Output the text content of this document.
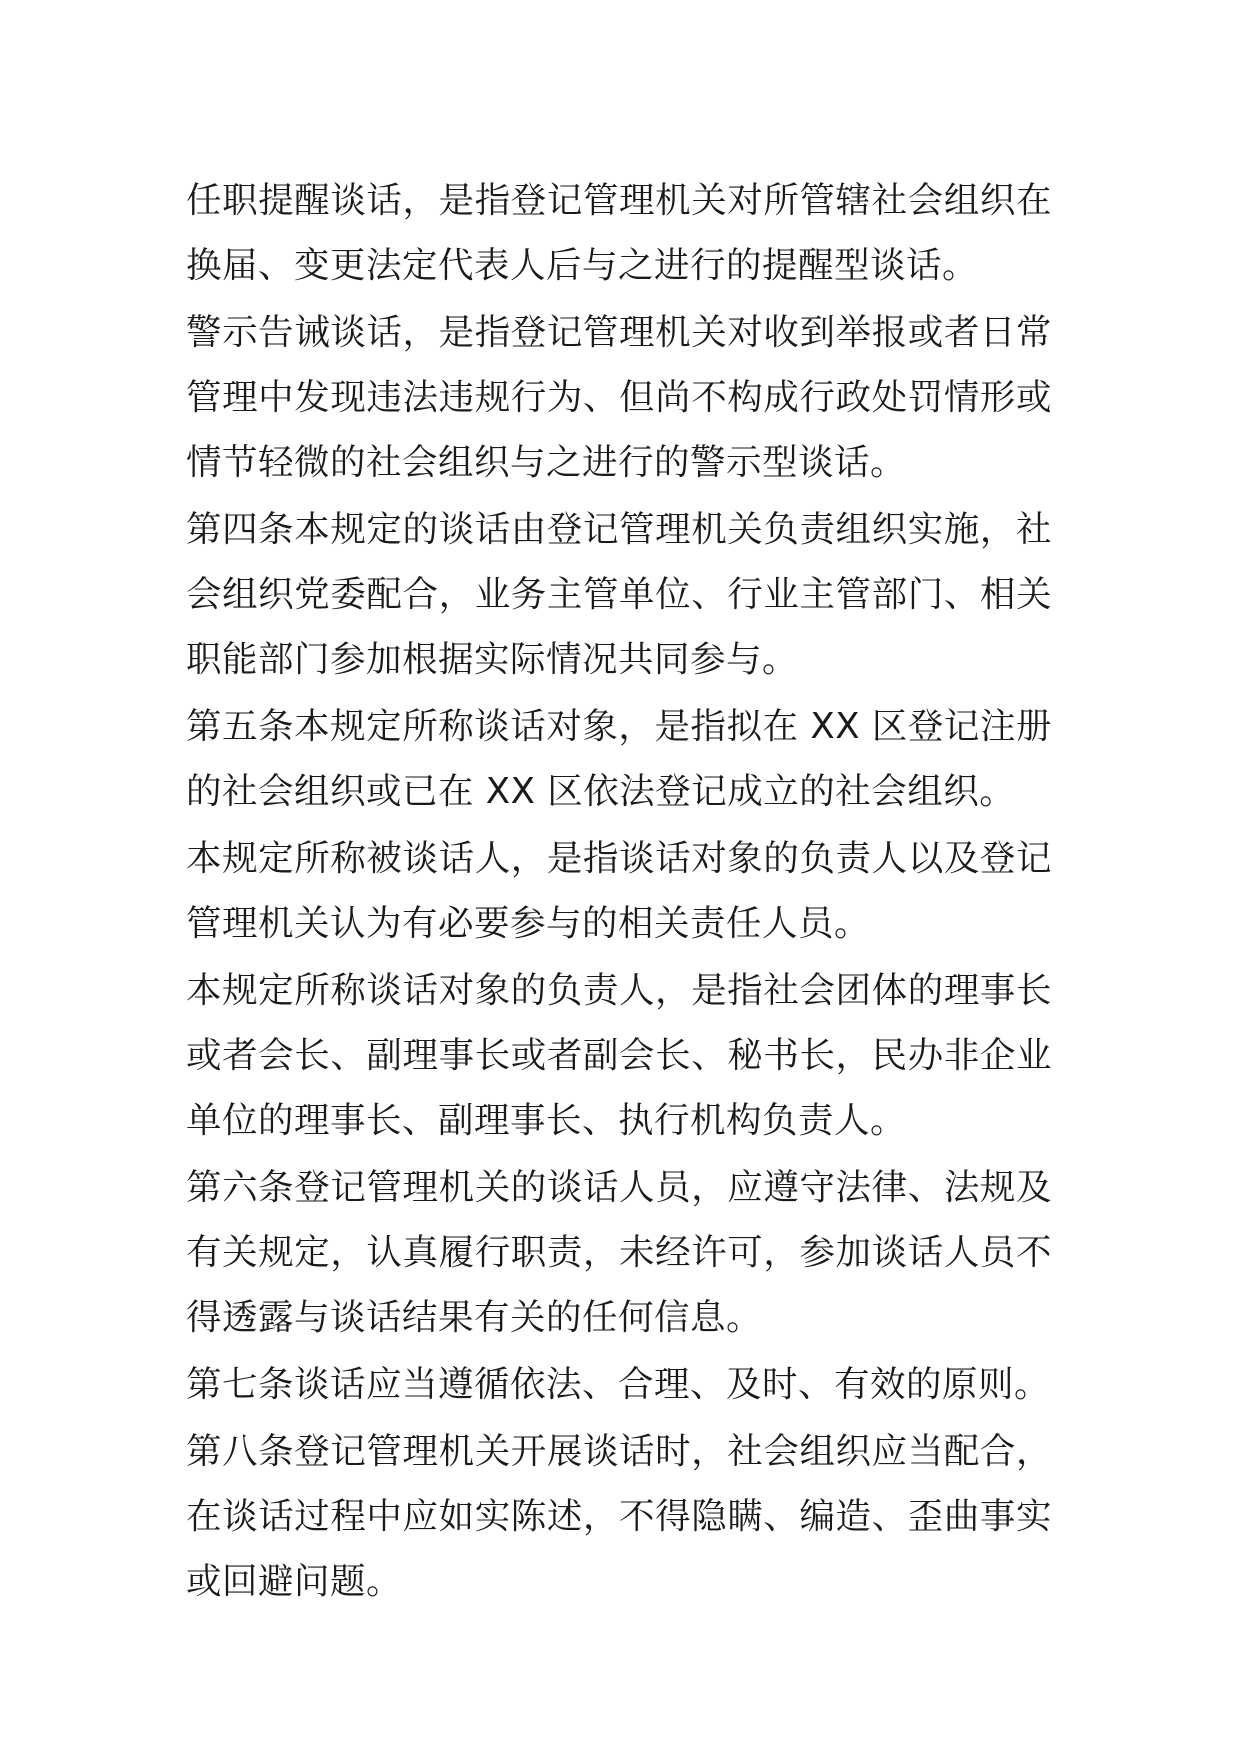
任职提醒谈话，是指登记管理机关对所管辖社会组织在换届、变更法定代表人后与之进行的提醒型谈话。

警示告诫谈话，是指登记管理机关对收到举报或者日常管理中发现违法违规行为、但尚不构成行政处罚情形或情节轻微的社会组织与之进行的警示型谈话。

第四条本规定的谈话由登记管理机关负责组织实施，社会组织党委配合，业务主管单位、行业主管部门、相关职能部门参加根据实际情况共同参与。

第五条本规定所称谈话对象，是指拟在 XX 区登记注册的社会组织或已在 XX 区依法登记成立的社会组织。

本规定所称被谈话人，是指谈话对象的负责人以及登记管理机关认为有必要参与的相关责任人员。

本规定所称谈话对象的负责人，是指社会团体的理事长或者会长、副理事长或者副会长、秘书长，民办非企业单位的理事长、副理事长、执行机构负责人。

第六条登记管理机关的谈话人员，应遵守法律、法规及有关规定，认真履行职责，未经许可，参加谈话人员不得透露与谈话结果有关的任何信息。

第七条谈话应当遵循依法、合理、及时、有效的原则。

第八条登记管理机关开展谈话时，社会组织应当配合，在谈话过程中应如实陈述，不得隐瞒、编造、歪曲事实或回避问题。
